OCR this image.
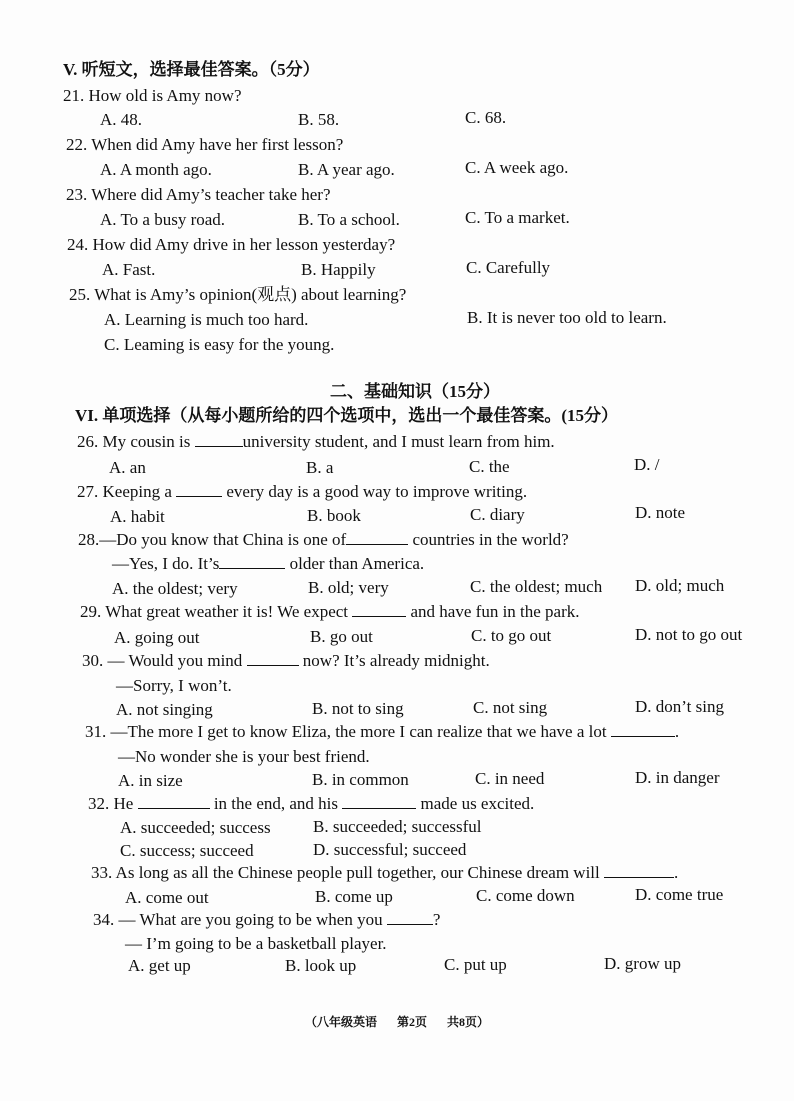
V. 听短文，选择最佳答案。（5分）
21. How old is Amy now?
A. 48.	B. 58.	C. 68.
22. When did Amy have her first lesson?
A. A month ago.	B. A year ago.	C. A week ago.
23. Where did Amy’s teacher take her?
A. To a busy road.	B. To a school.	C. To a market.
24. How did Amy drive in her lesson yesterday?
A. Fast.	B. Happily	C. Carefully
25. What is Amy’s opinion(观点) about learning?
A. Learning is much too hard.	B. It is never too old to learn.
C. Leaming is easy for the young.
二、基础知识（15分）
VI. 单项选择（从每小题所给的四个选项中，选出一个最佳答案。(15分）
26. My cousin is	university student, and I must learn from him.
A. an	B. a	C. the	D. /
27. Keeping a	every day is a good way to improve writing.
A. habit	B. book	C. diary	D. note
28.—Do you know that China is one of	countries in the world?
—Yes, I do. It’s	older than America.
A. the oldest; very	B. old; very	C. the oldest; much D. old; much
29. What great weather it is! We expect	and have fun in the park.
A. going out	B. go out	C. to go out	D. not to go out
30. — Would you mind	now? It’s already midnight.
—Sorry, I won’t.
A. not singing	B. not to sing	C. not sing	D. don’t sing
31. —The more I get to know Eliza, the more I can realize that we have a lot	.
—No wonder she is your best friend.
A. in size	B. in common	C. in need	D. in danger
32. He	in the end, and his	made us excited.
A. succeeded; success B. succeeded; successful
C. success; succeed	D. successful; succeed
33. As long as all the Chinese people pull together, our Chinese dream will	.
A. come out	B. come up	C. come down	D. come true
34. — What are you going to be when you	?
— I’m going to be a basketball player.
A. get up	B. look up	C. put up	D. grow up
（八年级英语 第2页 共8页）
